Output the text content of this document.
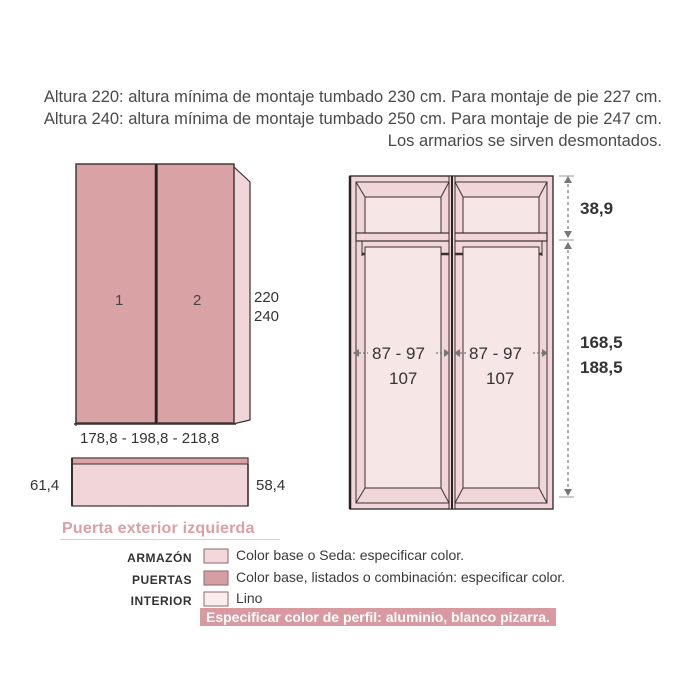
Altura 220: altura mínima de montaje tumbado 230 cm. Para montaje de pie 227 cm.
Altura 240: altura mínima de montaje tumbado 250 cm. Para montaje de pie 247 cm.
Los armarios se sirven desmontados.
1	2	220
240
178,8 - 198,8 - 218,8
61,4	58,4
Puerta exterior izquierda
87 - 97
107
87 - 97
107
38,9
168,5
188,5
ARMAZÓN	Color base o Seda: especificar color.
PUERTAS	Color base, listados o combinación: especificar color.
INTERIOR	Lino
Especificar color de perfil: aluminio, blanco pizarra.
